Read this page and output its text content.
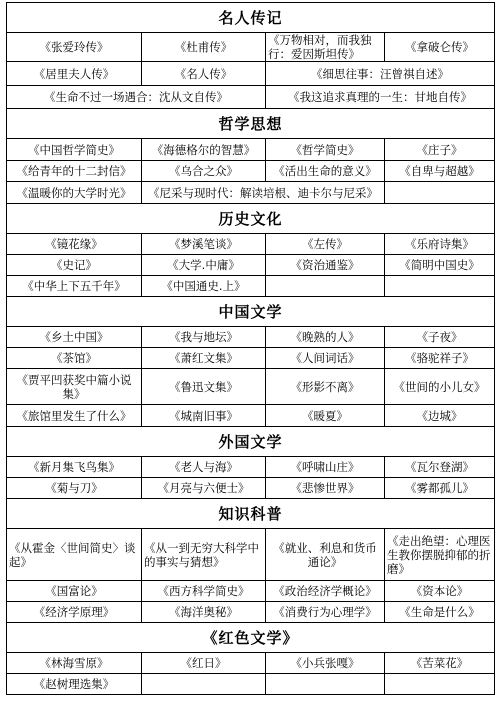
名人传记			
《张爱玲传》	《杜甫传》	《万物相对，而我独行：爱因斯坦传》	《拿破仑传》
《居里夫人传》	《名人传》	《细思往事：汪曾祺自述》	
《生命不过一场遇合：沈从文自传》		《我这追求真理的一生：甘地自传》	
哲学思想			
《中国哲学简史》	《海德格尔的智慧》	《哲学简史》	《庄子》
《给青年的十二封信》	《乌合之众》	《活出生命的意义》	《自卑与超越》
《温暖你的大学时光》	《尼采与现时代：解读培根、迪卡尔与尼采》		
历史文化			
《镜花缘》	《梦溪笔谈》	《左传》	《乐府诗集》
《史记》	《大学.中庸》	《资治通鉴》	《简明中国史》
《中华上下五千年》	《中国通史.上》		
中国文学			
《乡土中国》	《我与地坛》	《晚熟的人》	《子夜》
《茶馆》	《萧红文集》	《人间词话》	《骆驼祥子》
《贾平凹获奖中篇小说集》	《鲁迅文集》	《形影不离》	《世间的小儿女》
《旅馆里发生了什么》	《城南旧事》	《暖夏》	《边城》
外国文学			
《新月集飞鸟集》	《老人与海》	《呼啸山庄》	《瓦尔登湖》
《菊与刀》	《月亮与六便士》	《悲惨世界》	《雾都孤儿》
知识科普			
《从霍金〈世间简史〉谈起》	《从一到无穷大科学中的事实与猜想》	《就业、利息和货币通论》	《走出绝望：心理医生教你摆脱抑郁的折磨》
《国富论》	《西方科学简史》	《政治经济学概论》	《资本论》
《经济学原理》	《海洋奥秘》	《消费行为心理学》	《生命是什么》
《红色文学》			
《林海雪原》	《红日》	《小兵张嘎》	《苦菜花》
《赵树理选集》			
